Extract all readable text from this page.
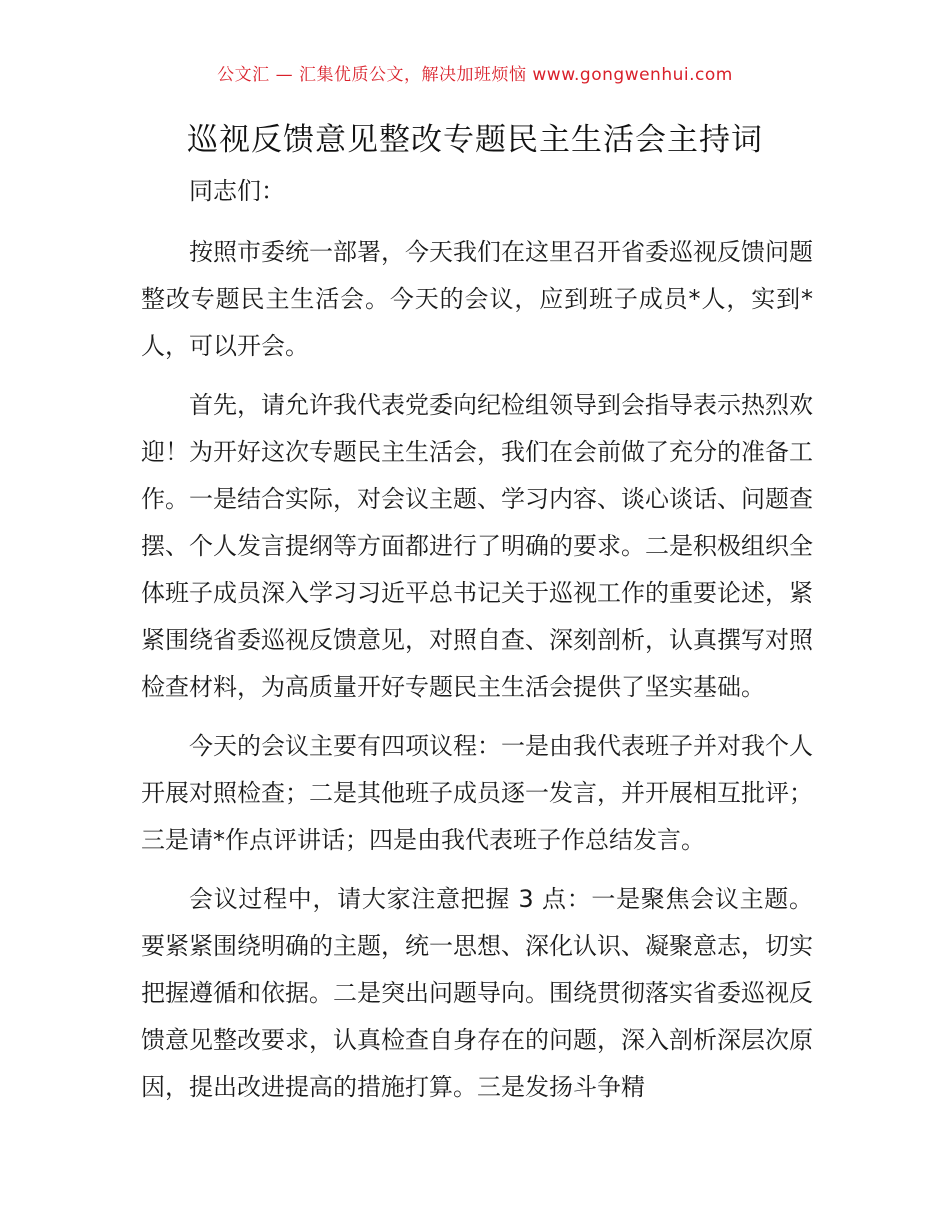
公文汇 — 汇集优质公文，解决加班烦恼 www.gongwenhui.com
巡视反馈意见整改专题民主生活会主持词

同志们：

按照市委统一部署，今天我们在这里召开省委巡视反馈问题整改专题民主生活会。今天的会议，应到班子成员*人，实到*人，可以开会。

首先，请允许我代表党委向纪检组领导到会指导表示热烈欢迎！为开好这次专题民主生活会，我们在会前做了充分的准备工作。一是结合实际，对会议主题、学习内容、谈心谈话、问题查摆、个人发言提纲等方面都进行了明确的要求。二是积极组织全体班子成员深入学习习近平总书记关于巡视工作的重要论述，紧紧围绕省委巡视反馈意见，对照自查、深刻剖析，认真撰写对照检查材料，为高质量开好专题民主生活会提供了坚实基础。

今天的会议主要有四项议程：一是由我代表班子并对我个人开展对照检查；二是其他班子成员逐一发言，并开展相互批评；三是请*作点评讲话；四是由我代表班子作总结发言。

会议过程中，请大家注意把握 3 点：一是聚焦会议主题。要紧紧围绕明确的主题，统一思想、深化认识、凝聚意志，切实把握遵循和依据。二是突出问题导向。围绕贯彻落实省委巡视反馈意见整改要求，认真检查自身存在的问题，深入剖析深层次原因，提出改进提高的措施打算。三是发扬斗争精
